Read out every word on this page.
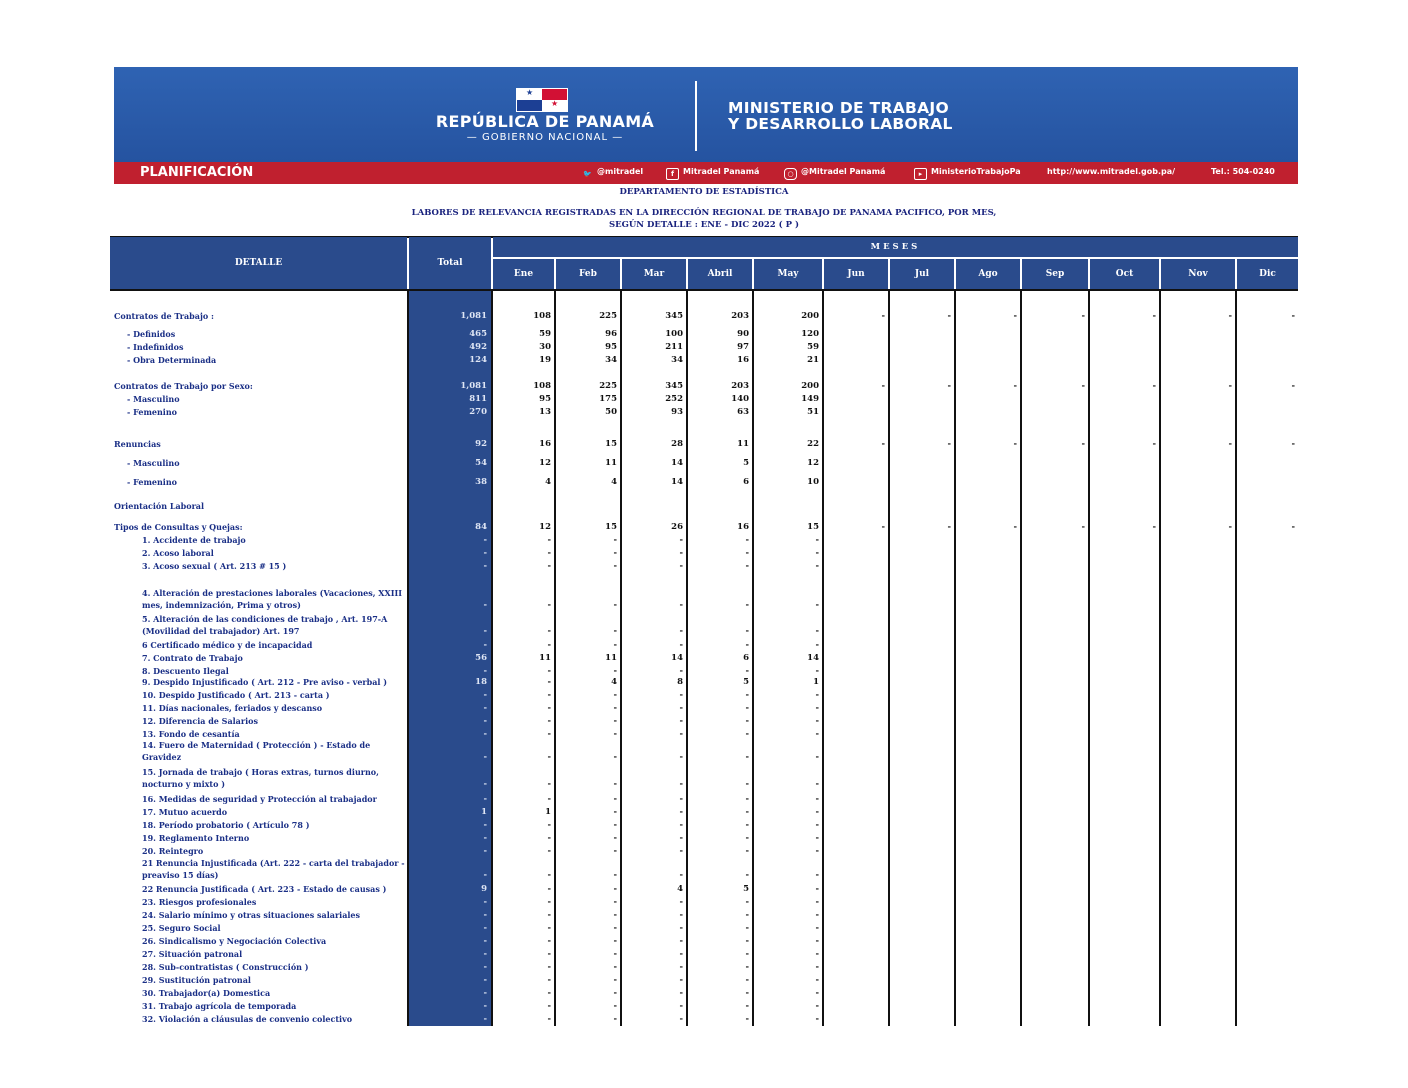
★
★
REPÚBLICA DE PANAMÁ
— GOBIERNO NACIONAL —
MINISTERIO DE TRABAJO
Y DESARROLLO LABORAL
PLANIFICACIÓN	🐦 @mitradel	f Mitradel Panamá	○ @Mitradel Panamá	▸ MinisterioTrabajoPa	http://www.mitradel.gob.pa/	Tel.: 504-0240
DEPARTAMENTO DE ESTADÍSTICA
LABORES DE RELEVANCIA REGISTRADAS EN LA DIRECCIÓN REGIONAL DE TRABAJO DE PANAMA PACIFICO, POR MES,
SEGÚN DETALLE : ENE - DIC 2022 ( P )
DETALLE	Total
MESES
Ene	Feb	Mar	Abril	May	Jun	Jul	Ago	Sep	Oct	Nov	Dic
Contratos de Trabajo :	1,081	108	225	345	203	200	-	-	-	-	-	-	-
- Definidos	465	59	96	100	90	120
- Indefinidos	492	30	95	211	97	59
- Obra Determinada	124	19	34	34	16	21
Contratos de Trabajo por Sexo:	1,081	108	225	345	203	200	-	-	-	-	-	-	-
- Masculino	811	95	175	252	140	149
- Femenino	270	13	50	93	63	51
Renuncias	92	16	15	28	11	22	-	-	-	-	-	-	-
- Masculino	54	12	11	14	5	12
- Femenino	38	4	4	14	6	10
Orientación Laboral
Tipos de Consultas y Quejas:	84	12	15	26	16	15	-	-	-	-	-	-	-
1. Accidente de trabajo	-	-	-	-	-	-
2. Acoso laboral	-	-	-	-	-	-
3. Acoso sexual ( Art. 213 # 15 )	-	-	-	-	-	-
4. Alteración de prestaciones laborales (Vacaciones, XXIII
mes, indemnización, Prima y otros)	-	-	-	-	-	-
5. Alteración de las condiciones de trabajo , Art. 197-A
(Movilidad del trabajador) Art. 197	-	-	-	-	-	-
6 Certificado médico y de incapacidad	-	-	-	-	-	-
7. Contrato de Trabajo	56	11	11	14	6	14
8. Descuento Ilegal	-	-	-	-	-	-
9. Despido Injustificado ( Art. 212 - Pre aviso - verbal )	18	-	4	8	5	1
10. Despido Justificado ( Art. 213 - carta )	-	-	-	-	-	-
11. Días nacionales, feriados y descanso	-	-	-	-	-	-
12. Diferencia de Salarios	-	-	-	-	-	-
13. Fondo de cesantía	-	-	-	-	-	-
14. Fuero de Maternidad ( Protección ) - Estado de
Gravidez	-	-	-	-	-	-
15. Jornada de trabajo ( Horas extras, turnos diurno,
nocturno y mixto )	-	-	-	-	-	-
16. Medidas de seguridad y Protección al trabajador	-	-	-	-	-	-
17. Mutuo acuerdo	1	1	-	-	-	-
18. Período probatorio ( Artículo 78 )	-	-	-	-	-	-
19. Reglamento Interno	-	-	-	-	-	-
20. Reintegro	-	-	-	-	-	-
21 Renuncia Injustificada (Art. 222 - carta del trabajador -
preaviso 15 días)	-	-	-	-	-	-
22 Renuncia Justificada ( Art. 223 - Estado de causas )	9	-	-	4	5	-
23. Riesgos profesionales	-	-	-	-	-	-
24. Salario mínimo y otras situaciones salariales	-	-	-	-	-	-
25. Seguro Social	-	-	-	-	-	-
26. Sindicalismo y Negociación Colectiva	-	-	-	-	-	-
27. Situación patronal	-	-	-	-	-	-
28. Sub-contratistas ( Construcción )	-	-	-	-	-	-
29. Sustitución patronal	-	-	-	-	-	-
30. Trabajador(a) Domestica	-	-	-	-	-	-
31. Trabajo agrícola de temporada	-	-	-	-	-	-
32. Violación a cláusulas de convenio colectivo	-	-	-	-	-	-
